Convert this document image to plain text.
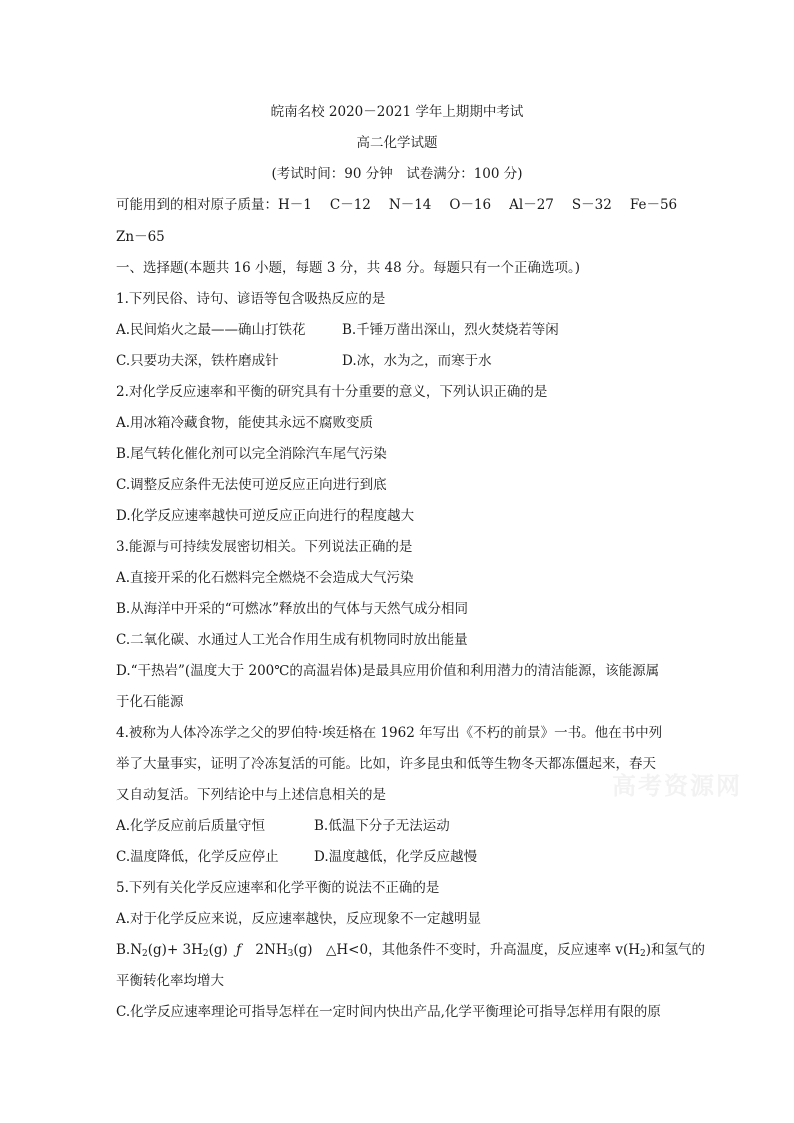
皖南名校 2020－2021 学年上期期中考试
高二化学试题
(考试时间：90 分钟　试卷满分：100 分)
可能用到的相对原子质量：H－1 C－12 N－14 O－16 Al－27 S－32 Fe－56
Zn－65
一、选择题(本题共 16 小题，每题 3 分，共 48 分。每题只有一个正确选项。)
1.下列民俗、诗句、谚语等包含吸热反应的是
A.民间焰火之最——确山打铁花	B.千锤万凿出深山，烈火焚烧若等闲
C.只要功夫深，铁杵磨成针	D.冰，水为之，而寒于水
2.对化学反应速率和平衡的研究具有十分重要的意义，下列认识正确的是
A.用冰箱冷藏食物，能使其永远不腐败变质
B.尾气转化催化剂可以完全消除汽车尾气污染
C.调整反应条件无法使可逆反应正向进行到底
D.化学反应速率越快可逆反应正向进行的程度越大
3.能源与可持续发展密切相关。下列说法正确的是
A.直接开采的化石燃料完全燃烧不会造成大气污染
B.从海洋中开采的“可燃冰”释放出的气体与天然气成分相同
C.二氧化碳、水通过人工光合作用生成有机物同时放出能量
D.“干热岩”(温度大于 200℃的高温岩体)是最具应用价值和利用潜力的清洁能源，该能源属
于化石能源
4.被称为人体冷冻学之父的罗伯特·埃廷格在 1962 年写出《不朽的前景》一书。他在书中列
举了大量事实，证明了冷冻复活的可能。比如，许多昆虫和低等生物冬天都冻僵起来，春天
又自动复活。下列结论中与上述信息相关的是
A.化学反应前后质量守恒	B.低温下分子无法运动
C.温度降低，化学反应停止	D.温度越低，化学反应越慢
5.下列有关化学反应速率和化学平衡的说法不正确的是
A.对于化学反应来说，反应速率越快，反应现象不一定越明显
$B.N_2(g)+ 3H_2(g)$ ƒ $2NH_3(g)$　△H<0，其他条件不变时，升高温度，反应速率 $v(H_2)$和氢气的
平衡转化率均增大
C.化学反应速率理论可指导怎样在一定时间内快出产品,化学平衡理论可指导怎样用有限的原
高考资源网
